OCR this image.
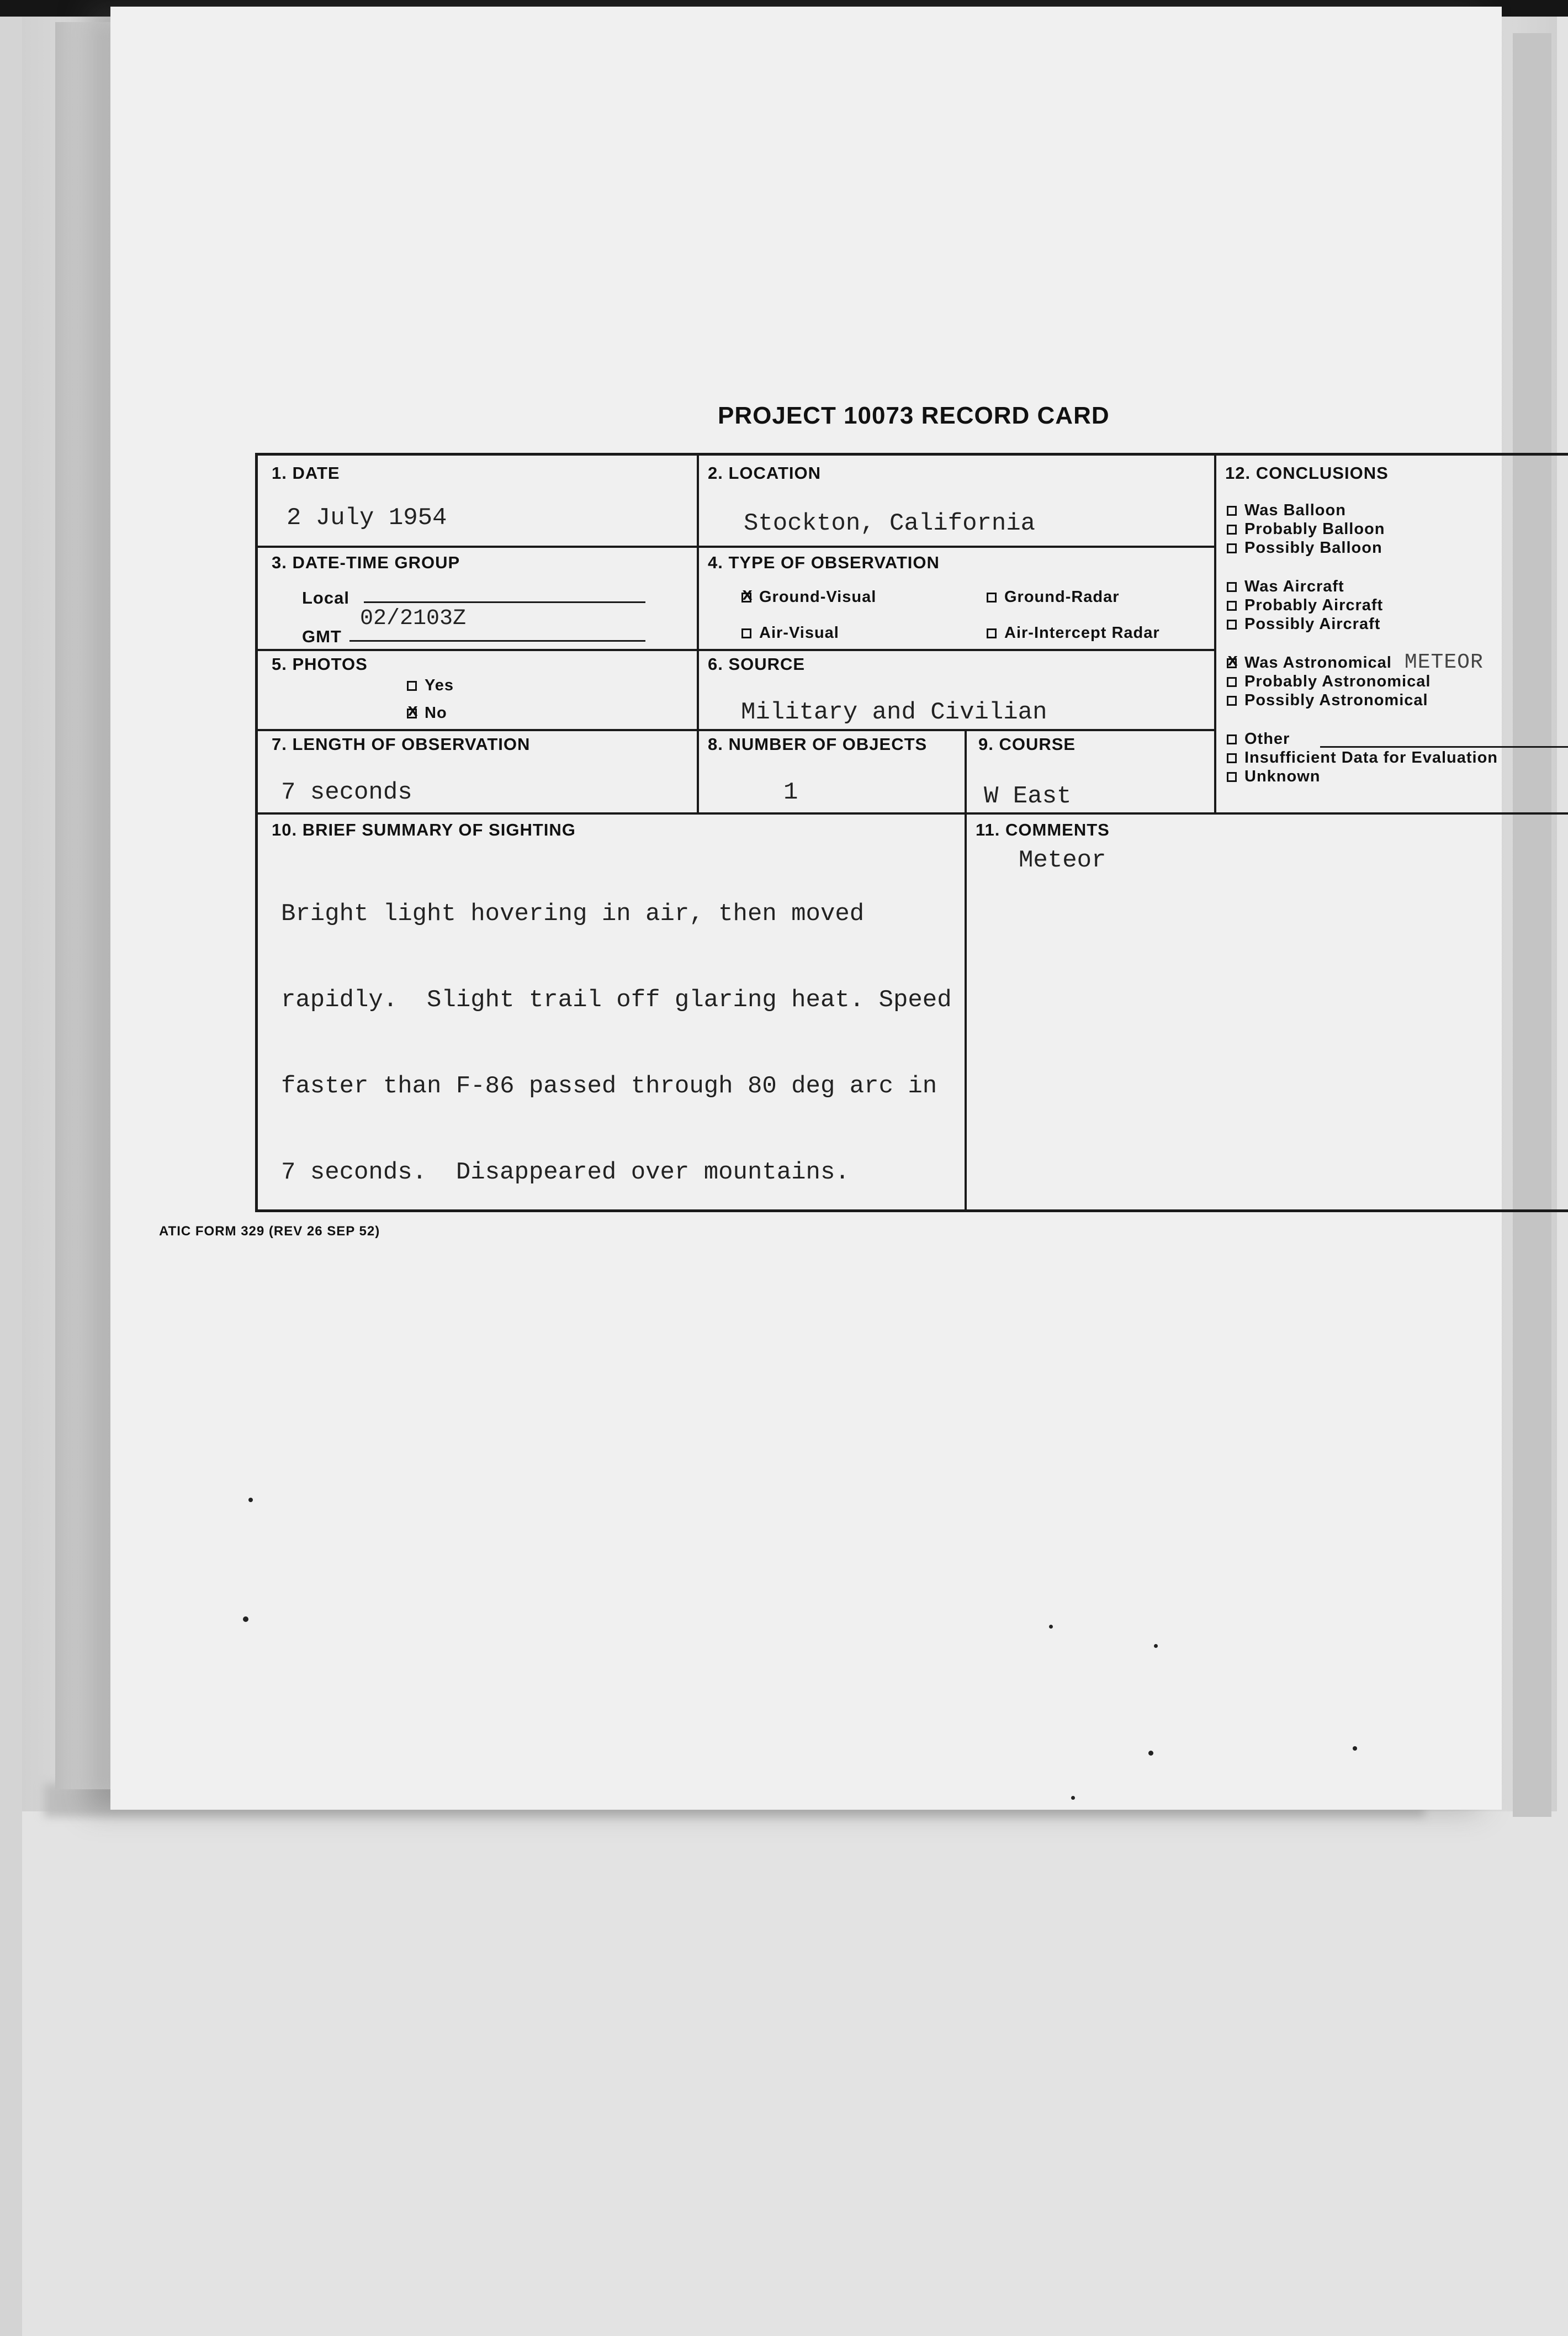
PROJECT 10073 RECORD CARD
1. DATE
2 July 1954
2. LOCATION
Stockton, California
3. DATE-TIME GROUP
Local
GMT
02/2103Z
4. TYPE OF OBSERVATION
xGround-Visual	Ground-Radar
Air-Visual	Air-Intercept Radar
5. PHOTOS
Yes
xNo
6. SOURCE
Military and Civilian
7. LENGTH OF OBSERVATION
7 seconds
8. NUMBER OF OBJECTS
1
9. COURSE
W East
10. BRIEF SUMMARY OF SIGHTING

Bright light hovering in air, then moved

rapidly.  Slight trail off glaring heat. Speed

faster than F-86 passed through 80 deg arc in

7 seconds.  Disappeared over mountains.

11. COMMENTS
Meteor
12. CONCLUSIONS
Was Balloon
Probably Balloon
Possibly Balloon
Was Aircraft
Probably Aircraft
Possibly Aircraft
xWas Astronomical METEOR
Probably Astronomical
Possibly Astronomical
Other
Insufficient Data for Evaluation
Unknown
ATIC FORM 329 (REV 26 SEP 52)
